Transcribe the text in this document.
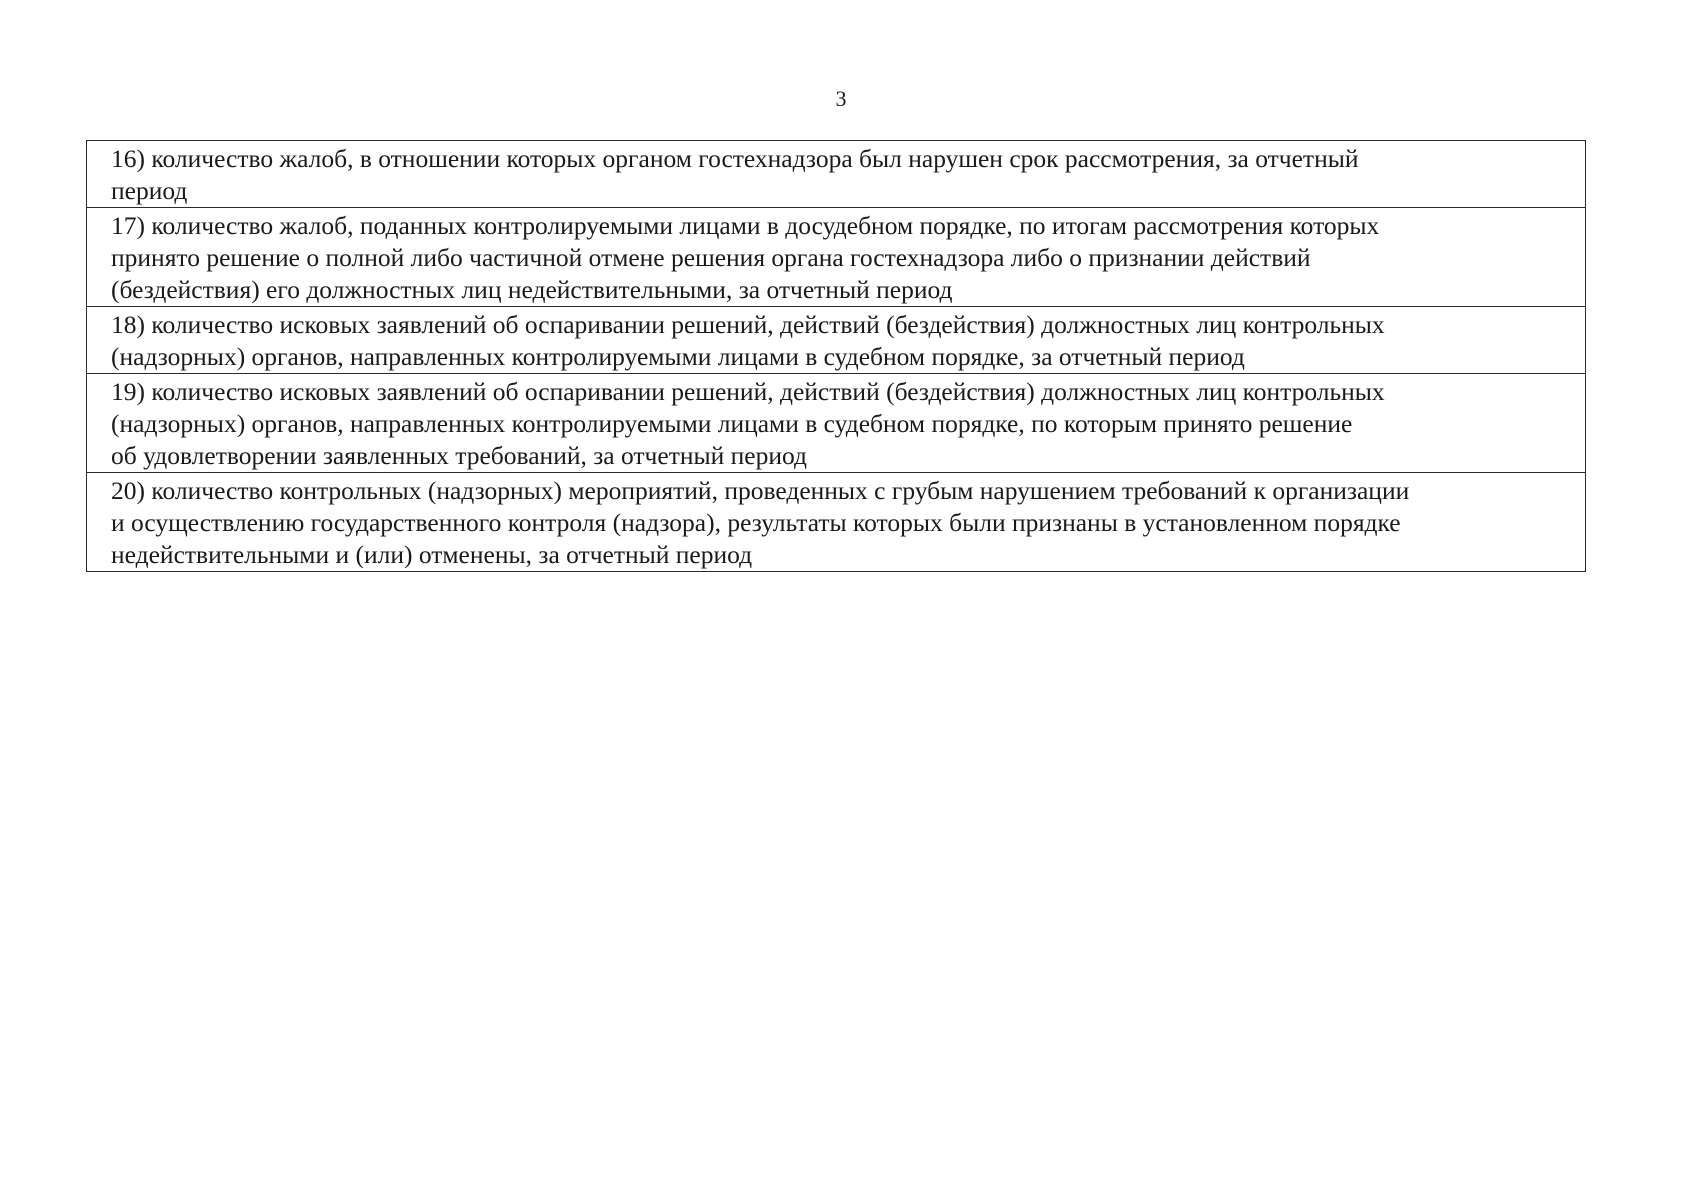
3
16) количество жалоб, в отношении которых органом гостехнадзора был нарушен срок рассмотрения, за отчетный
период
17) количество жалоб, поданных контролируемыми лицами в досудебном порядке, по итогам рассмотрения которых
принято решение о полной либо частичной отмене решения органа гостехнадзора либо о признании действий
(бездействия) его должностных лиц недействительными, за отчетный период
18) количество исковых заявлений об оспаривании решений, действий (бездействия) должностных лиц контрольных
(надзорных) органов, направленных контролируемыми лицами в судебном порядке, за отчетный период
19) количество исковых заявлений об оспаривании решений, действий (бездействия) должностных лиц контрольных
(надзорных) органов, направленных контролируемыми лицами в судебном порядке, по которым принято решение
об удовлетворении заявленных требований, за отчетный период
20) количество контрольных (надзорных) мероприятий, проведенных с грубым нарушением требований к организации
и осуществлению государственного контроля (надзора), результаты которых были признаны в установленном порядке
недействительными и (или) отменены, за отчетный период
